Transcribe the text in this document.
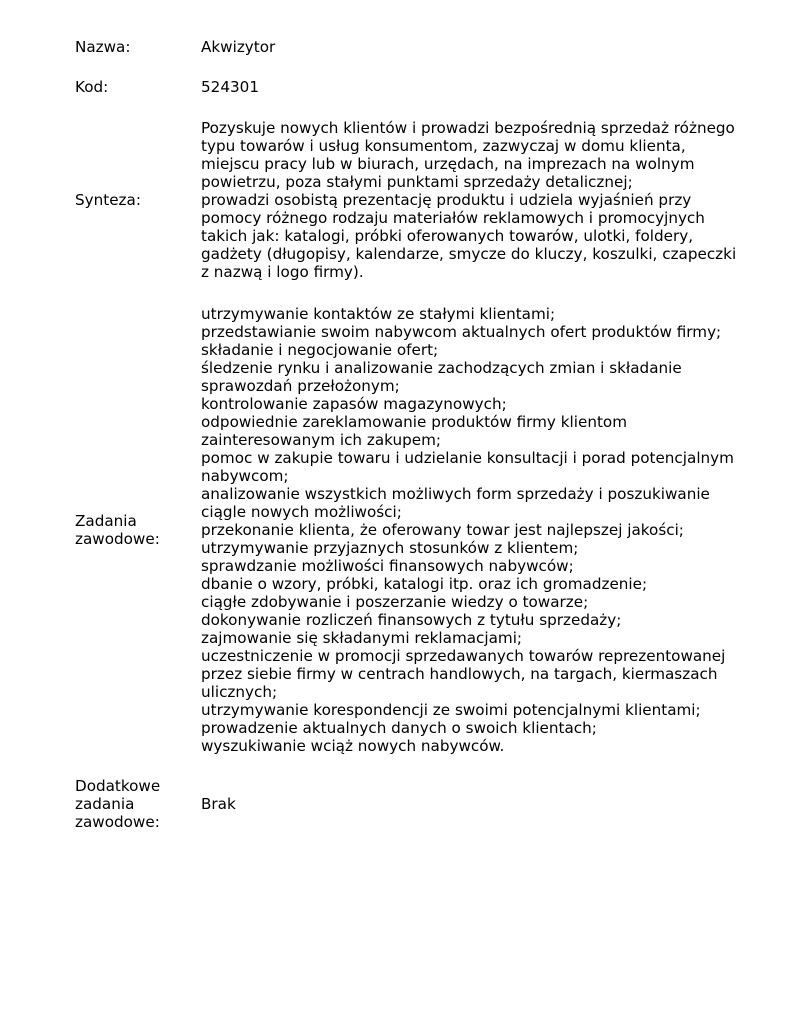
Nazwa:	Akwizytor
Kod:	524301
Synteza:
Pozyskuje nowych klientów i prowadzi bezpośrednią sprzedaż różnego
typu towarów i usług konsumentom, zazwyczaj w domu klienta,
miejscu pracy lub w biurach, urzędach, na imprezach na wolnym
powietrzu, poza stałymi punktami sprzedaży detalicznej;
prowadzi osobistą prezentację produktu i udziela wyjaśnień przy
pomocy różnego rodzaju materiałów reklamowych i promocyjnych
takich jak: katalogi, próbki oferowanych towarów, ulotki, foldery,
gadżety (długopisy, kalendarze, smycze do kluczy, koszulki, czapeczki
z nazwą i logo firmy).
Zadania
zawodowe:
utrzymywanie kontaktów ze stałymi klientami;
przedstawianie swoim nabywcom aktualnych ofert produktów firmy;
składanie i negocjowanie ofert;
śledzenie rynku i analizowanie zachodzących zmian i składanie
sprawozdań przełożonym;
kontrolowanie zapasów magazynowych;
odpowiednie zareklamowanie produktów firmy klientom
zainteresowanym ich zakupem;
pomoc w zakupie towaru i udzielanie konsultacji i porad potencjalnym
nabywcom;
analizowanie wszystkich możliwych form sprzedaży i poszukiwanie
ciągle nowych możliwości;
przekonanie klienta, że oferowany towar jest najlepszej jakości;
utrzymywanie przyjaznych stosunków z klientem;
sprawdzanie możliwości finansowych nabywców;
dbanie o wzory, próbki, katalogi itp. oraz ich gromadzenie;
ciągłe zdobywanie i poszerzanie wiedzy o towarze;
dokonywanie rozliczeń finansowych z tytułu sprzedaży;
zajmowanie się składanymi reklamacjami;
uczestniczenie w promocji sprzedawanych towarów reprezentowanej
przez siebie firmy w centrach handlowych, na targach, kiermaszach
ulicznych;
utrzymywanie korespondencji ze swoimi potencjalnymi klientami;
prowadzenie aktualnych danych o swoich klientach;
wyszukiwanie wciąż nowych nabywców.
Dodatkowe
zadania
zawodowe:
Brak
